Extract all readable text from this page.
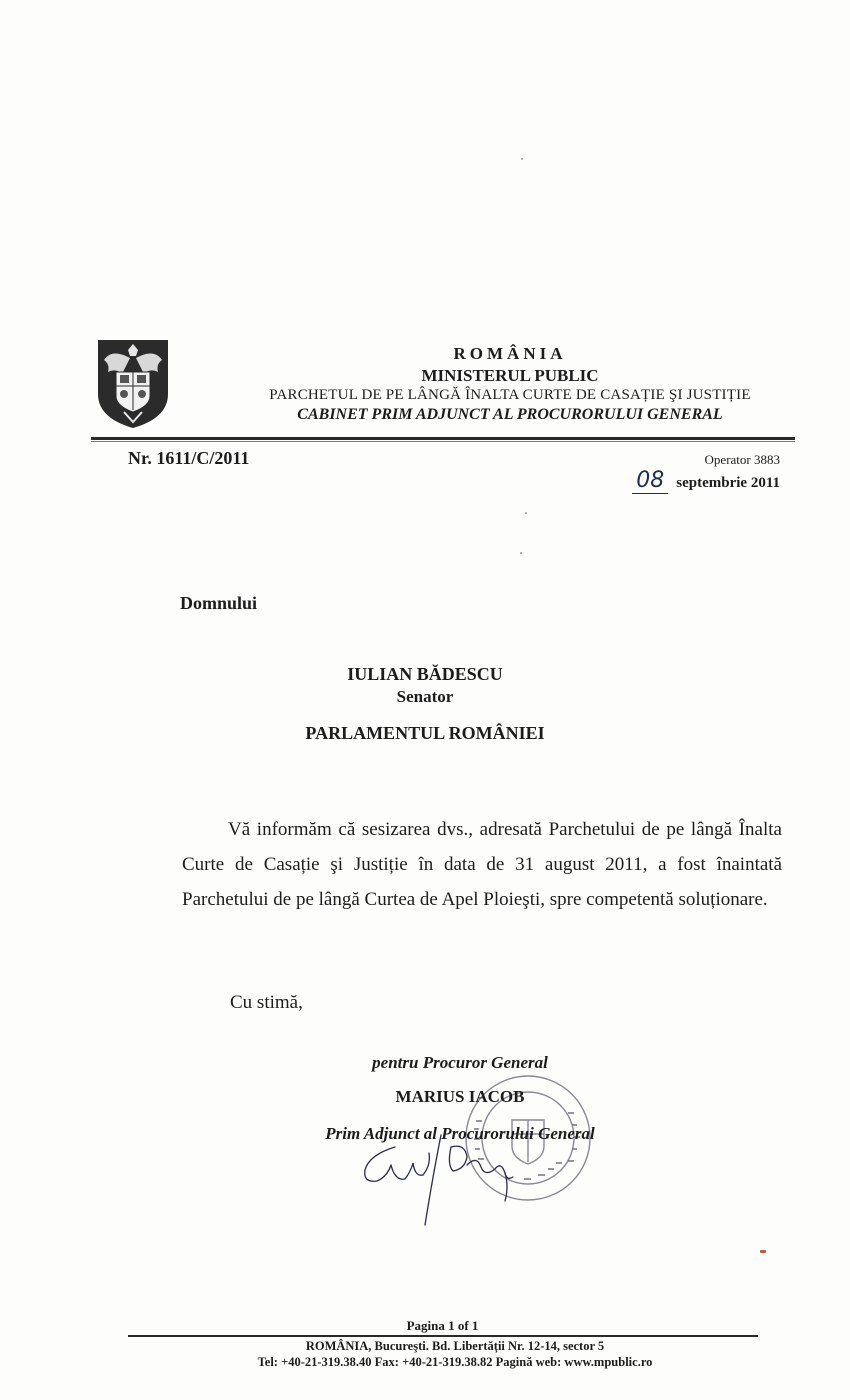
ROMÂNIA
MINISTERUL PUBLIC
PARCHETUL DE PE LÂNGĂ ÎNALTA CURTE DE CASAȚIE ŞI JUSTIȚIE
CABINET PRIM ADJUNCT AL PROCURORULUI GENERAL
Nr. 1611/C/2011	Operator 3883
08 septembrie 2011
Domnului
IULIAN BĂDESCU
Senator
PARLAMENTUL ROMÂNIEI
Vă informăm că sesizarea dvs., adresată Parchetului de pe lângă Înalta Curte de Casație şi Justiție în data de 31 august 2011, a fost înaintată Parchetului de pe lângă Curtea de Apel Ploieşti, spre competentă soluționare.
Cu stimă,
pentru Procuror General
MARIUS IACOB
Prim Adjunct al Procurorului General
Pagina 1 of 1
ROMÂNIA, Bucureşti. Bd. Libertății Nr. 12-14, sector 5
Tel: +40-21-319.38.40 Fax: +40-21-319.38.82 Pagină web: www.mpublic.ro
